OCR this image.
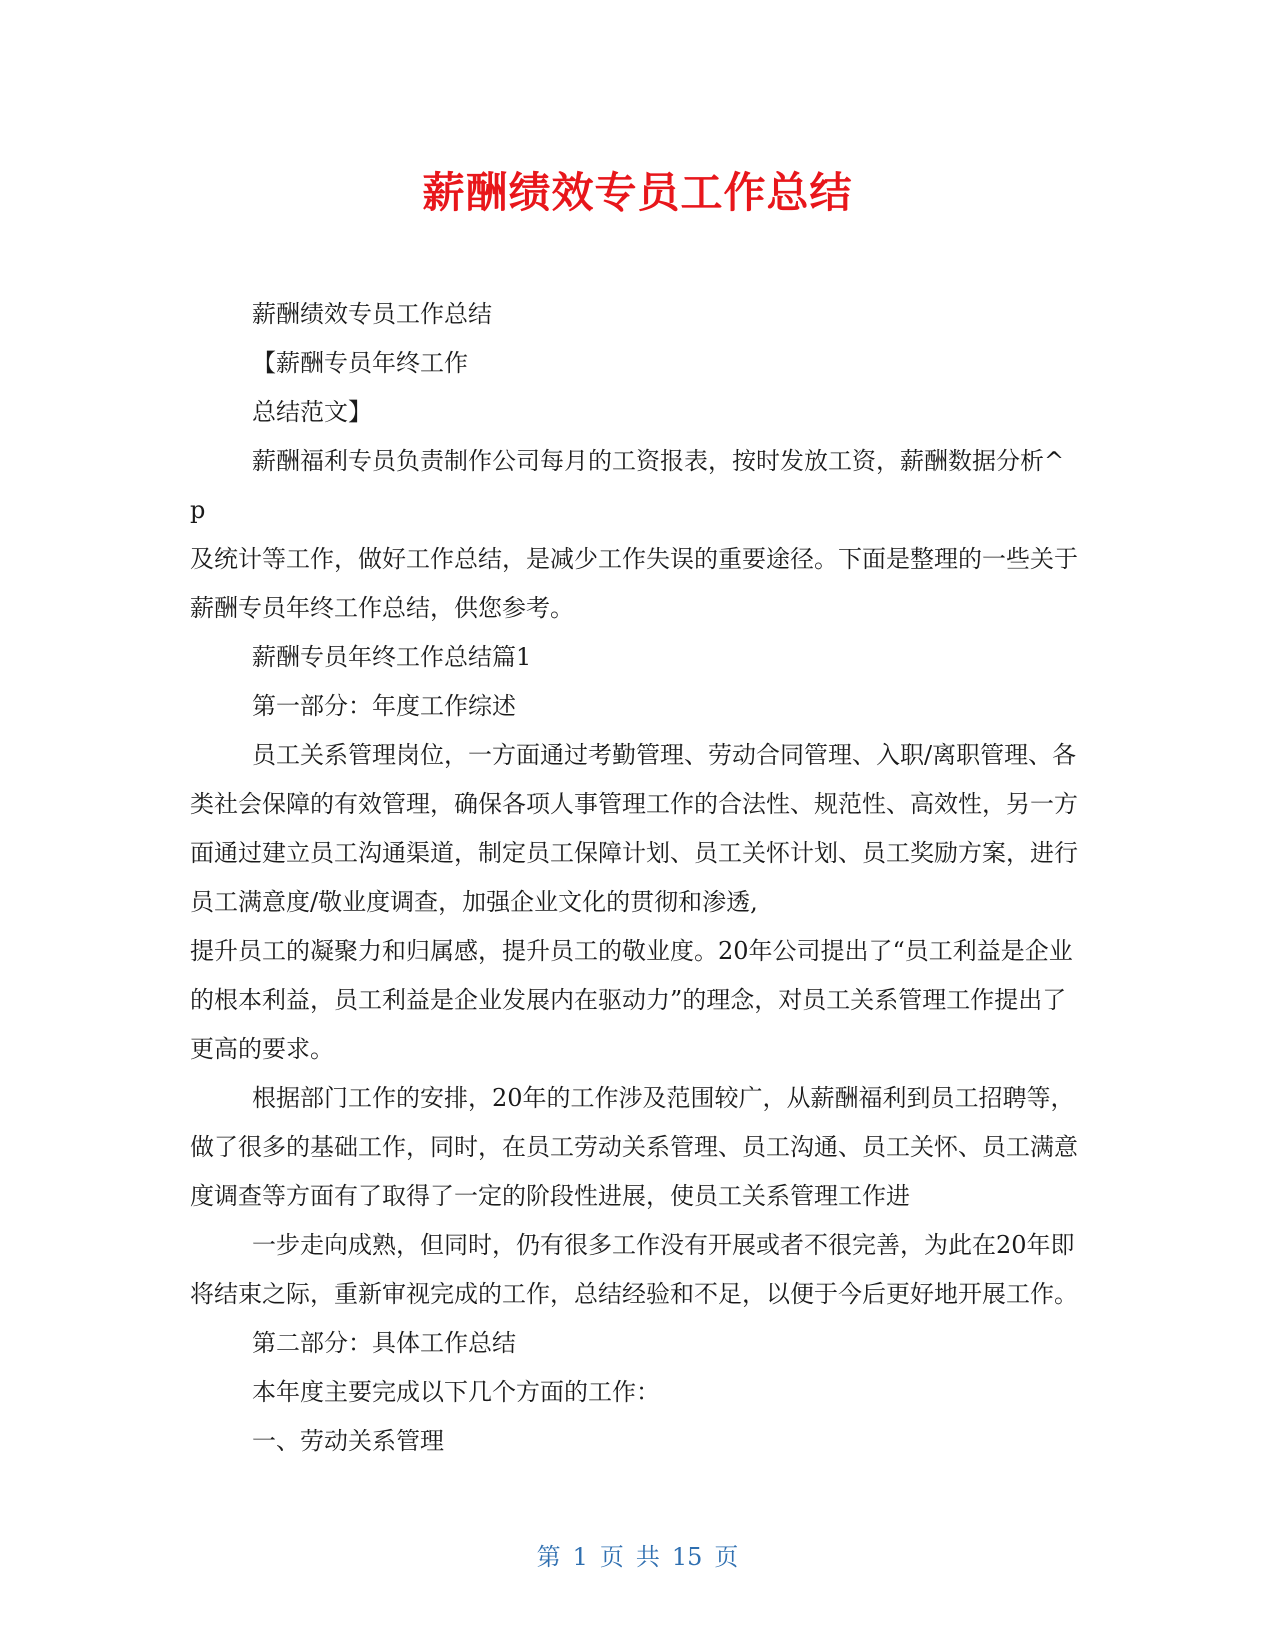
薪酬绩效专员工作总结

薪酬绩效专员工作总结

【薪酬专员年终工作

总结范文】

薪酬福利专员负责制作公司每月的工资报表，按时发放工资，薪酬数据分析^

p

及统计等工作，做好工作总结，是减少工作失误的重要途径。下面是整理的一些关于薪酬专员年终工作总结，供您参考。

薪酬专员年终工作总结篇1

第一部分：年度工作综述

员工关系管理岗位，一方面通过考勤管理、劳动合同管理、入职/离职管理、各类社会保障的有效管理，确保各项人事管理工作的合法性、规范性、高效性，另一方面通过建立员工沟通渠道，制定员工保障计划、员工关怀计划、员工奖励方案，进行员工满意度/敬业度调查，加强企业文化的贯彻和渗透,

提升员工的凝聚力和归属感，提升员工的敬业度。20年公司提出了“员工利益是企业的根本利益，员工利益是企业发展内在驱动力”的理念，对员工关系管理工作提出了更高的要求。

根据部门工作的安排，20年的工作涉及范围较广，从薪酬福利到员工招聘等，做了很多的基础工作，同时，在员工劳动关系管理、员工沟通、员工关怀、员工满意度调查等方面有了取得了一定的阶段性进展，使员工关系管理工作进

一步走向成熟，但同时，仍有很多工作没有开展或者不很完善，为此在20年即将结束之际，重新审视完成的工作，总结经验和不足，以便于今后更好地开展工作。

第二部分：具体工作总结

本年度主要完成以下几个方面的工作：

一、劳动关系管理

第 1 页 共 15 页
